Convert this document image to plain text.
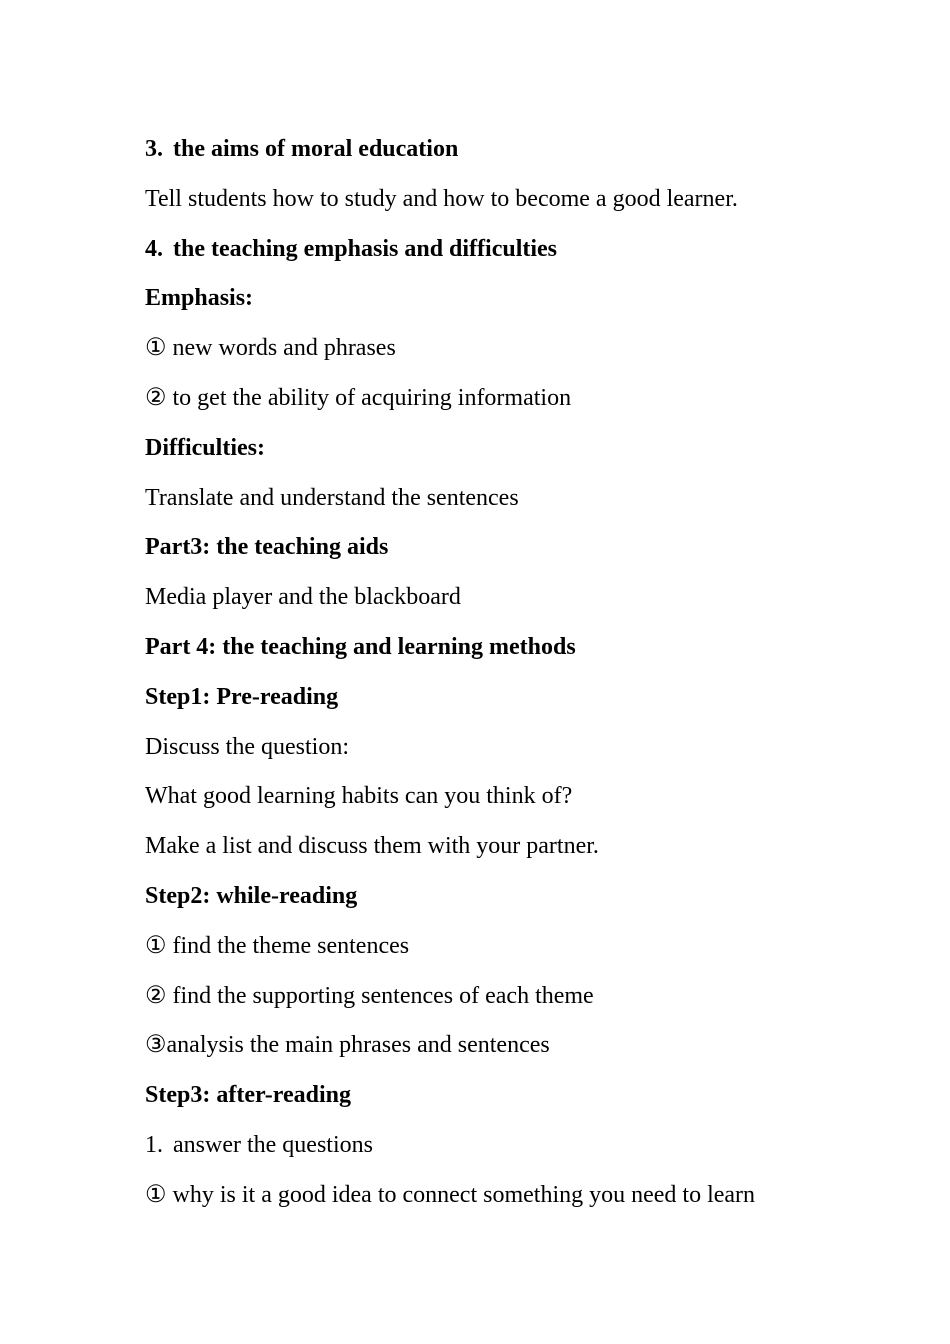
3. the aims of moral education
Tell students how to study and how to become a good learner.
4. the teaching emphasis and difficulties
Emphasis:
① new words and phrases
② to get the ability of acquiring information
Difficulties:
Translate and understand the sentences
Part3: the teaching aids
Media player and the blackboard
Part 4: the teaching and learning methods
Step1: Pre-reading
Discuss the question:
What good learning habits can you think of?
Make a list and discuss them with your partner.
Step2: while-reading
① find the theme sentences
② find the supporting sentences of each theme
③analysis the main phrases and sentences
Step3: after-reading
1. answer the questions
① why is it a good idea to connect something you need to learn
